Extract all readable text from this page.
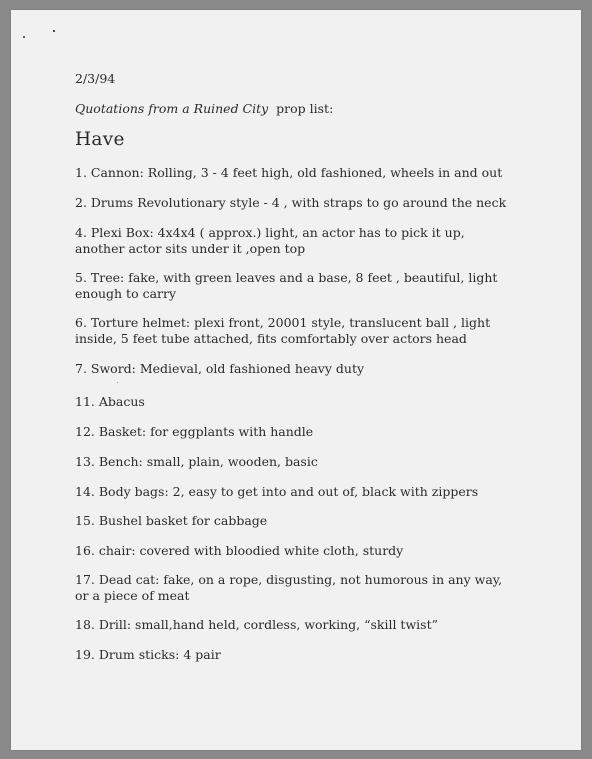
2/3/94
Quotations from a Ruined City prop list:
Have
1. Cannon: Rolling, 3 - 4 feet high, old fashioned, wheels in and out
2. Drums Revolutionary style - 4 , with straps to go around the neck
4. Plexi Box: 4x4x4 ( approx.) light, an actor has to pick it up, another actor sits under it ,open top
5. Tree: fake, with green leaves and a base, 8 feet , beautiful, light enough to carry
6. Torture helmet: plexi front, 20001 style, translucent ball , light inside, 5 feet tube attached, fits comfortably over actors head
7. Sword: Medieval, old fashioned heavy duty
11. Abacus
12. Basket: for eggplants with handle
13. Bench: small, plain, wooden, basic
14. Body bags: 2, easy to get into and out of, black with zippers
15. Bushel basket for cabbage
16. chair: covered with bloodied white cloth, sturdy
17. Dead cat: fake, on a rope, disgusting, not humorous in any way, or a piece of meat
18. Drill: small,hand held, cordless, working, “skill twist”
19. Drum sticks: 4 pair
